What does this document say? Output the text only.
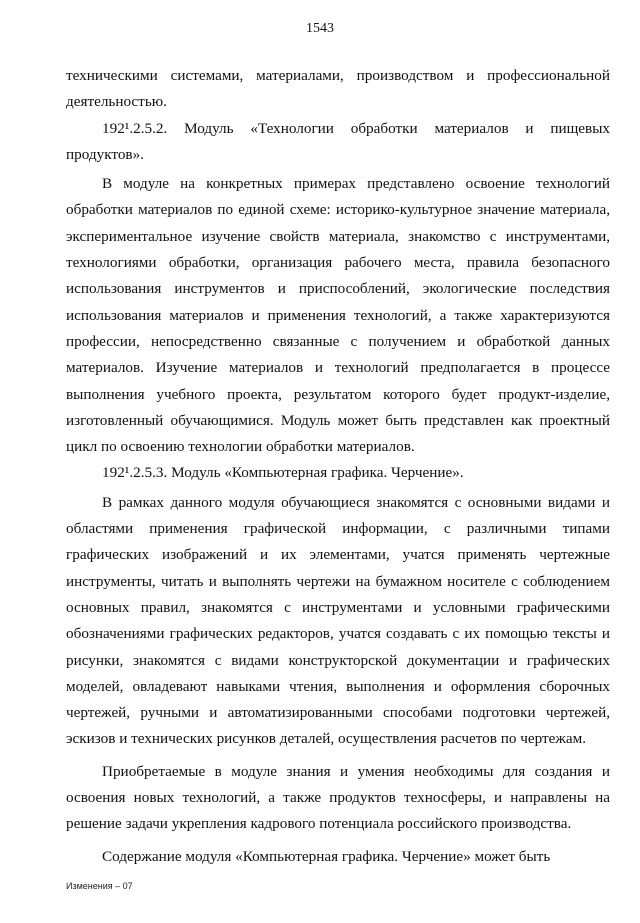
1543

техническими системами, материалами, производством и профессиональной деятельностью.

192¹.2.5.2. Модуль «Технологии обработки материалов и пищевых продуктов».

В модуле на конкретных примерах представлено освоение технологий обработки материалов по единой схеме: историко-культурное значение материала, экспериментальное изучение свойств материала, знакомство с инструментами, технологиями обработки, организация рабочего места, правила безопасного использования инструментов и приспособлений, экологические последствия использования материалов и применения технологий, а также характеризуются профессии, непосредственно связанные с получением и обработкой данных материалов. Изучение материалов и технологий предполагается в процессе выполнения учебного проекта, результатом которого будет продукт-изделие, изготовленный обучающимися. Модуль может быть представлен как проектный цикл по освоению технологии обработки материалов.

192¹.2.5.3. Модуль «Компьютерная графика. Черчение».

В рамках данного модуля обучающиеся знакомятся с основными видами и областями применения графической информации, с различными типами графических изображений и их элементами, учатся применять чертежные инструменты, читать и выполнять чертежи на бумажном носителе с соблюдением основных правил, знакомятся с инструментами и условными графическими обозначениями графических редакторов, учатся создавать с их помощью тексты и рисунки, знакомятся с видами конструкторской документации и графических моделей, овладевают навыками чтения, выполнения и оформления сборочных чертежей, ручными и автоматизированными способами подготовки чертежей, эскизов и технических рисунков деталей, осуществления расчетов по чертежам.

Приобретаемые в модуле знания и умения необходимы для создания и освоения новых технологий, а также продуктов техносферы, и направлены на решение задачи укрепления кадрового потенциала российского производства.

Содержание модуля «Компьютерная графика. Черчение» может быть

Изменения – 07
